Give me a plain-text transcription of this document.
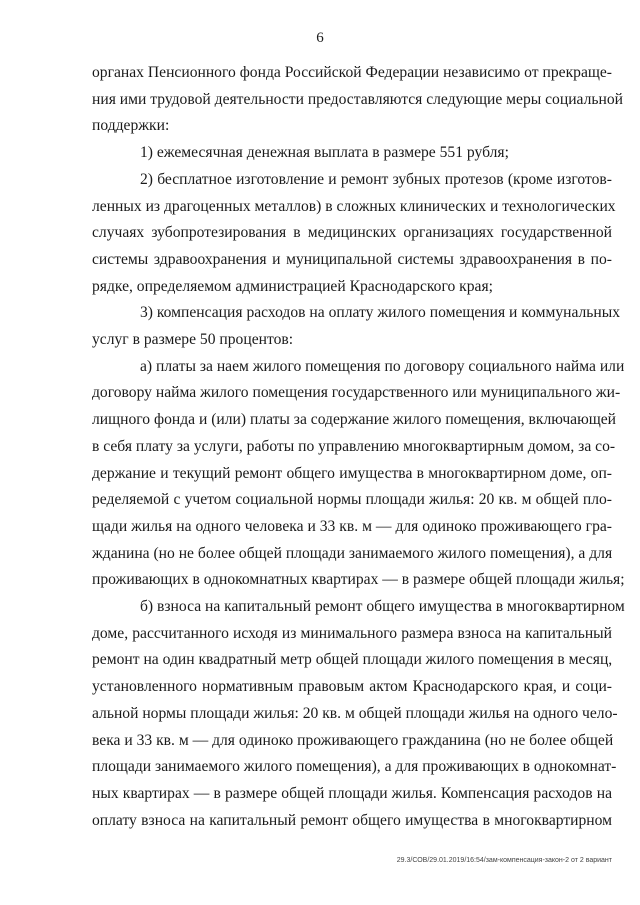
6
органах Пенсионного фонда Российской Федерации независимо от прекраще-
ния ими трудовой деятельности предоставляются следующие меры социальной
поддержки:
1) ежемесячная денежная выплата в размере 551 рубля;
2) бесплатное изготовление и ремонт зубных протезов (кроме изготов-
ленных из драгоценных металлов) в сложных клинических и технологических
случаях зубопротезирования в медицинских организациях государственной
системы здравоохранения и муниципальной системы здравоохранения в по-
рядке, определяемом администрацией Краснодарского края;
3) компенсация расходов на оплату жилого помещения и коммунальных
услуг в размере 50 процентов:
а) платы за наем жилого помещения по договору социального найма или
договору найма жилого помещения государственного или муниципального жи-
лищного фонда и (или) платы за содержание жилого помещения, включающей
в себя плату за услуги, работы по управлению многоквартирным домом, за со-
держание и текущий ремонт общего имущества в многоквартирном доме, оп-
ределяемой с учетом социальной нормы площади жилья: 20 кв. м общей пло-
щади жилья на одного человека и 33 кв. м — для одиноко проживающего гра-
жданина (но не более общей площади занимаемого жилого помещения), а для
проживающих в однокомнатных квартирах — в размере общей площади жилья;
б) взноса на капитальный ремонт общего имущества в многоквартирном
доме, рассчитанного исходя из минимального размера взноса на капитальный
ремонт на один квадратный метр общей площади жилого помещения в месяц,
установленного нормативным правовым актом Краснодарского края, и соци-
альной нормы площади жилья: 20 кв. м общей площади жилья на одного чело-
века и 33 кв. м — для одиноко проживающего гражданина (но не более общей
площади занимаемого жилого помещения), а для проживающих в однокомнат-
ных квартирах — в размере общей площади жилья. Компенсация расходов на
оплату взноса на капитальный ремонт общего имущества в многоквартирном
29.3/СОВ/29.01.2019/16:54/зам-компенсация-закон-2 от 2 вариант
